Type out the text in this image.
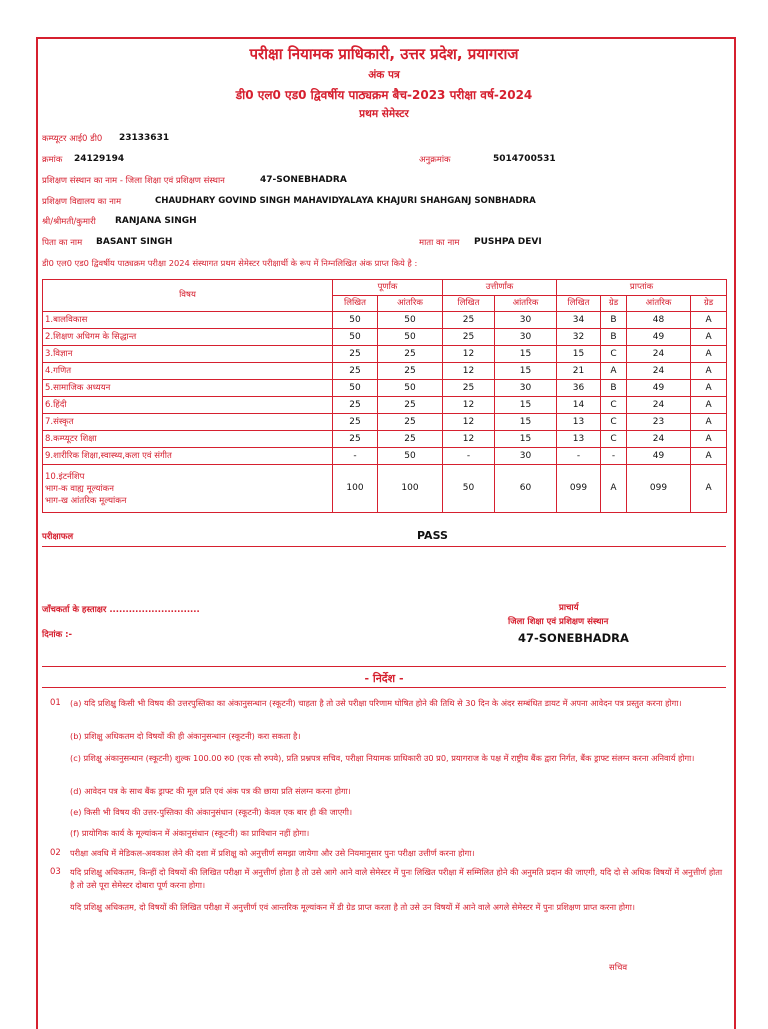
परीक्षा नियामक प्राधिकारी, उत्तर प्रदेश, प्रयागराज
अंक पत्र
डी0 एल0 एड0 द्विवर्षीय पाठ्यक्रम बैच-2023 परीक्षा वर्ष-2024
प्रथम सेमेस्टर
कम्प्यूटर आई0 डी0 23133631
क्रमांक 24129194	अनुक्रमांक	5014700531
प्रशिक्षण संस्थान का नाम - जिला शिक्षा एवं प्रशिक्षण संस्थान	47-SONEBHADRA
प्रशिक्षण विद्यालय का नाम	CHAUDHARY GOVIND SINGH MAHAVIDYALAYA KHAJURI SHAHGANJ SONBHADRA
श्री/श्रीमती/कुमारी RANJANA SINGH
पिता का नाम BASANT SINGH	माता का नाम PUSHPA DEVI
डी0 एल0 एड0 द्विवर्षीय पाठ्यक्रम परीक्षा 2024 संस्थागत प्रथम सेमेस्टर परीक्षार्थी के रूप में निम्नलिखित अंक प्राप्त किये है :
विषय	पूर्णांक		उत्तीर्णांक		प्राप्तांक			
	लिखित	आंतरिक	लिखित	आंतरिक	लिखित	ग्रेड	आंतरिक	ग्रेड
1.बालविकास	50	50	25	30	34	B	48	A
2.शिक्षण अधिगम के सिद्धान्त	50	50	25	30	32	B	49	A
3.विज्ञान	25	25	12	15	15	C	24	A
4.गणित	25	25	12	15	21	A	24	A
5.सामाजिक अध्ययन	50	50	25	30	36	B	49	A
6.हिंदी	25	25	12	15	14	C	24	A
7.संस्कृत	25	25	12	15	13	C	23	A
8.कम्प्यूटर शिक्षा	25	25	12	15	13	C	24	A
9.शारीरिक शिक्षा,स्वास्थ्य,कला एवं संगीत	-	50	-	30	-	-	49	A

10.इंटर्नशिप
भाग-क वाह्य मूल्यांकन
भाग-ख आंतरिक मूल्यांकन	100	100	50	60	099	A	099	A
परीक्षाफल	PASS
जाँचकर्ता के हस्ताक्षर ............................
दिनांक :-
प्राचार्य
जिला शिक्षा एवं प्रशिक्षण संस्थान
47-SONEBHADRA
- निर्देश -
01 (a) यदि प्रशिक्षु किसी भी विषय की उत्तरपुस्तिका का अंकानुसन्धान (स्कूटनी) चाहता है तो उसे परीक्षा परिणाम घोषित होने की तिथि से 30 दिन के अंदर सम्बंधित डायट में अपना आवेदन पत्र प्रस्तुत करना होगा।
(b) प्रशिक्षु अधिकतम दो विषयों की ही अंकानुसन्धान (स्कूटनी) करा सकता है।
(c) प्रशिक्षु अंकानुसन्धान (स्कूटनी) शुल्क 100.00 रु0 (एक सौ रुपये), प्रति प्रश्नपत्र सचिव, परीक्षा नियामक प्राधिकारी उ0 प्र0, प्रयागराज के पक्ष में राष्ट्रीय बैंक द्वारा निर्गत, बैंक ड्राफ्ट संलग्न करना अनिवार्य होगा।
(d) आवेदन पत्र के साथ बैंक ड्राफ्ट की मूल प्रति एवं अंक पत्र की छाया प्रति संलग्न करना होगा।
(e) किसी भी विषय की उत्तर-पुस्तिका की अंकानुसंधान (स्कूटनी) केवल एक बार ही की जाएगी।
(f) प्रायोगिक कार्य के मूल्यांकन में अंकानुसंधान (स्कूटनी) का प्राविधान नहीं होगा।
02 परीक्षा अवधि में मेडिकल-अवकाश लेने की दशा में प्रशिक्षु को अनुत्तीर्ण समझा जायेगा और उसे नियमानुसार पुनः परीक्षा उत्तीर्ण करना होगा।
03 यदि प्रशिक्षु अधिकतम, किन्हीं दो विषयों की लिखित परीक्षा में अनुत्तीर्ण होता है तो उसे आगे आने वाले सेमेस्टर में पुनः लिखित परीक्षा में सम्मिलित होने की अनुमति प्रदान की जाएगी, यदि दो से अधिक विषयों में अनुत्तीर्ण होता है तो उसे पूरा सेमेस्टर दोबारा पूर्ण करना होगा।
यदि प्रशिक्षु अधिकतम, दो विषयों की लिखित परीक्षा में अनुत्तीर्ण एवं आन्तरिक मूल्यांकन में डी ग्रेड प्राप्त करता है तो उसे उन विषयों में आने वाले अगले सेमेस्टर में पुनः प्रशिक्षण प्राप्त करना होगा।
सचिव
